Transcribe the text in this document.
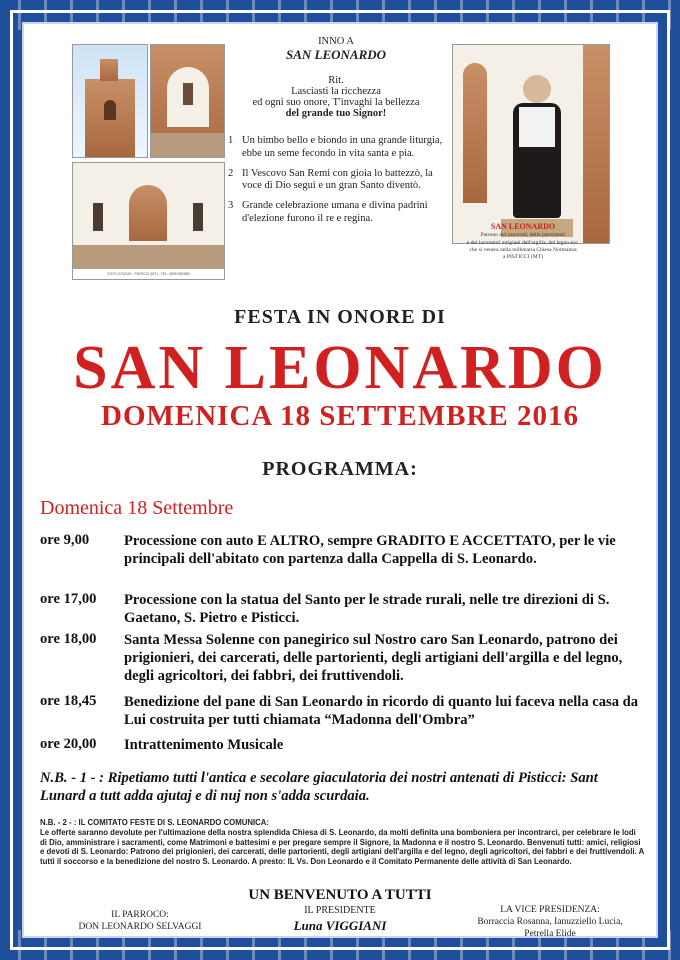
FOTO STUDIO - PISTICCI (MT) - TEL. 0835 582580
INNO A
SAN LEONARDO
Rit.
Lasciasti la ricchezza
ed ogni suo onore, T'invaghì la bellezza
del grande tuo Signor!
1 Un bimbo bello e biondo in una grande liturgia, ebbe un seme fecondo in vita santa e pia.
2 Il Vescovo San Remi con gioia lo battezzò, la voce di Dio seguì e un gran Santo diventò.
3 Grande celebrazione umana e divina padrini d'elezione furono il re e regina.
SAN LEONARDO
Patrono dei carcerati, delle partorienti
e dei lavoratori artigiani dell'argilla, del legno ecc.
che si venera nella millenaria Chiesa Normanna
a PISTICCI (MT)
FESTA IN ONORE DI
SAN LEONARDO
DOMENICA 18 SETTEMBRE 2016
PROGRAMMA:
Domenica 18 Settembre
ore 9,00 Processione con auto E ALTRO, sempre GRADITO E ACCETTATO, per le vie principali dell'abitato con partenza dalla Cappella di S. Leonardo.
ore 17,00 Processione con la statua del Santo per le strade rurali, nelle tre direzioni di S. Gaetano, S. Pietro e Pisticci.
ore 18,00 Santa Messa Solenne con panegirico sul Nostro caro San Leonardo, patrono dei prigionieri, dei carcerati, delle partorienti, degli artigiani dell'argilla e del legno, degli agricoltori, dei fabbri, dei fruttivendoli.
ore 18,45 Benedizione del pane di San Leonardo in ricordo di quanto lui faceva nella casa da Lui costruita per tutti chiamata “Madonna dell'Ombra”
ore 20,00 Intrattenimento Musicale
N.B. - 1 - : Ripetiamo tutti l'antica e secolare giaculatoria dei nostri antenati di Pisticci: Sant Lunard a tutt adda ajutaj e di nuj non s'adda scurdaia.
N.B. - 2 - : IL COMITATO FESTE DI S. LEONARDO COMUNICA:
Le offerte saranno devolute per l'ultimazione della nostra splendida Chiesa di S. Leonardo, da molti definita una bomboniera per incontrarci, per celebrare le lodi di Dio, amministrare i sacramenti, come Matrimoni e battesimi e per pregare sempre il Signore, la Madonna e il nostro S. Leonardo. Benvenuti tutti: amici, religiosi e devoti di S. Leonardo: Patrono dei prigionieri, dei carcerati, delle partorienti, degli artigiani dell'argilla e del legno, degli agricoltori, dei fabbri e dei fruttivendoli. A tutti il soccorso e la benedizione del nostro S. Leonardo. A presto: IL Vs. Don Leonardo e il Comitato Permanente delle attività di San Leonardo.
UN BENVENUTO A TUTTI
IL PARROCO:
DON LEONARDO SELVAGGI
IL PRESIDENTE
Luna VIGGIANI
LA VICE PRESIDENZA:
Borraccia Rosanna, Ianuzziello Lucia,
Petrella Elide
